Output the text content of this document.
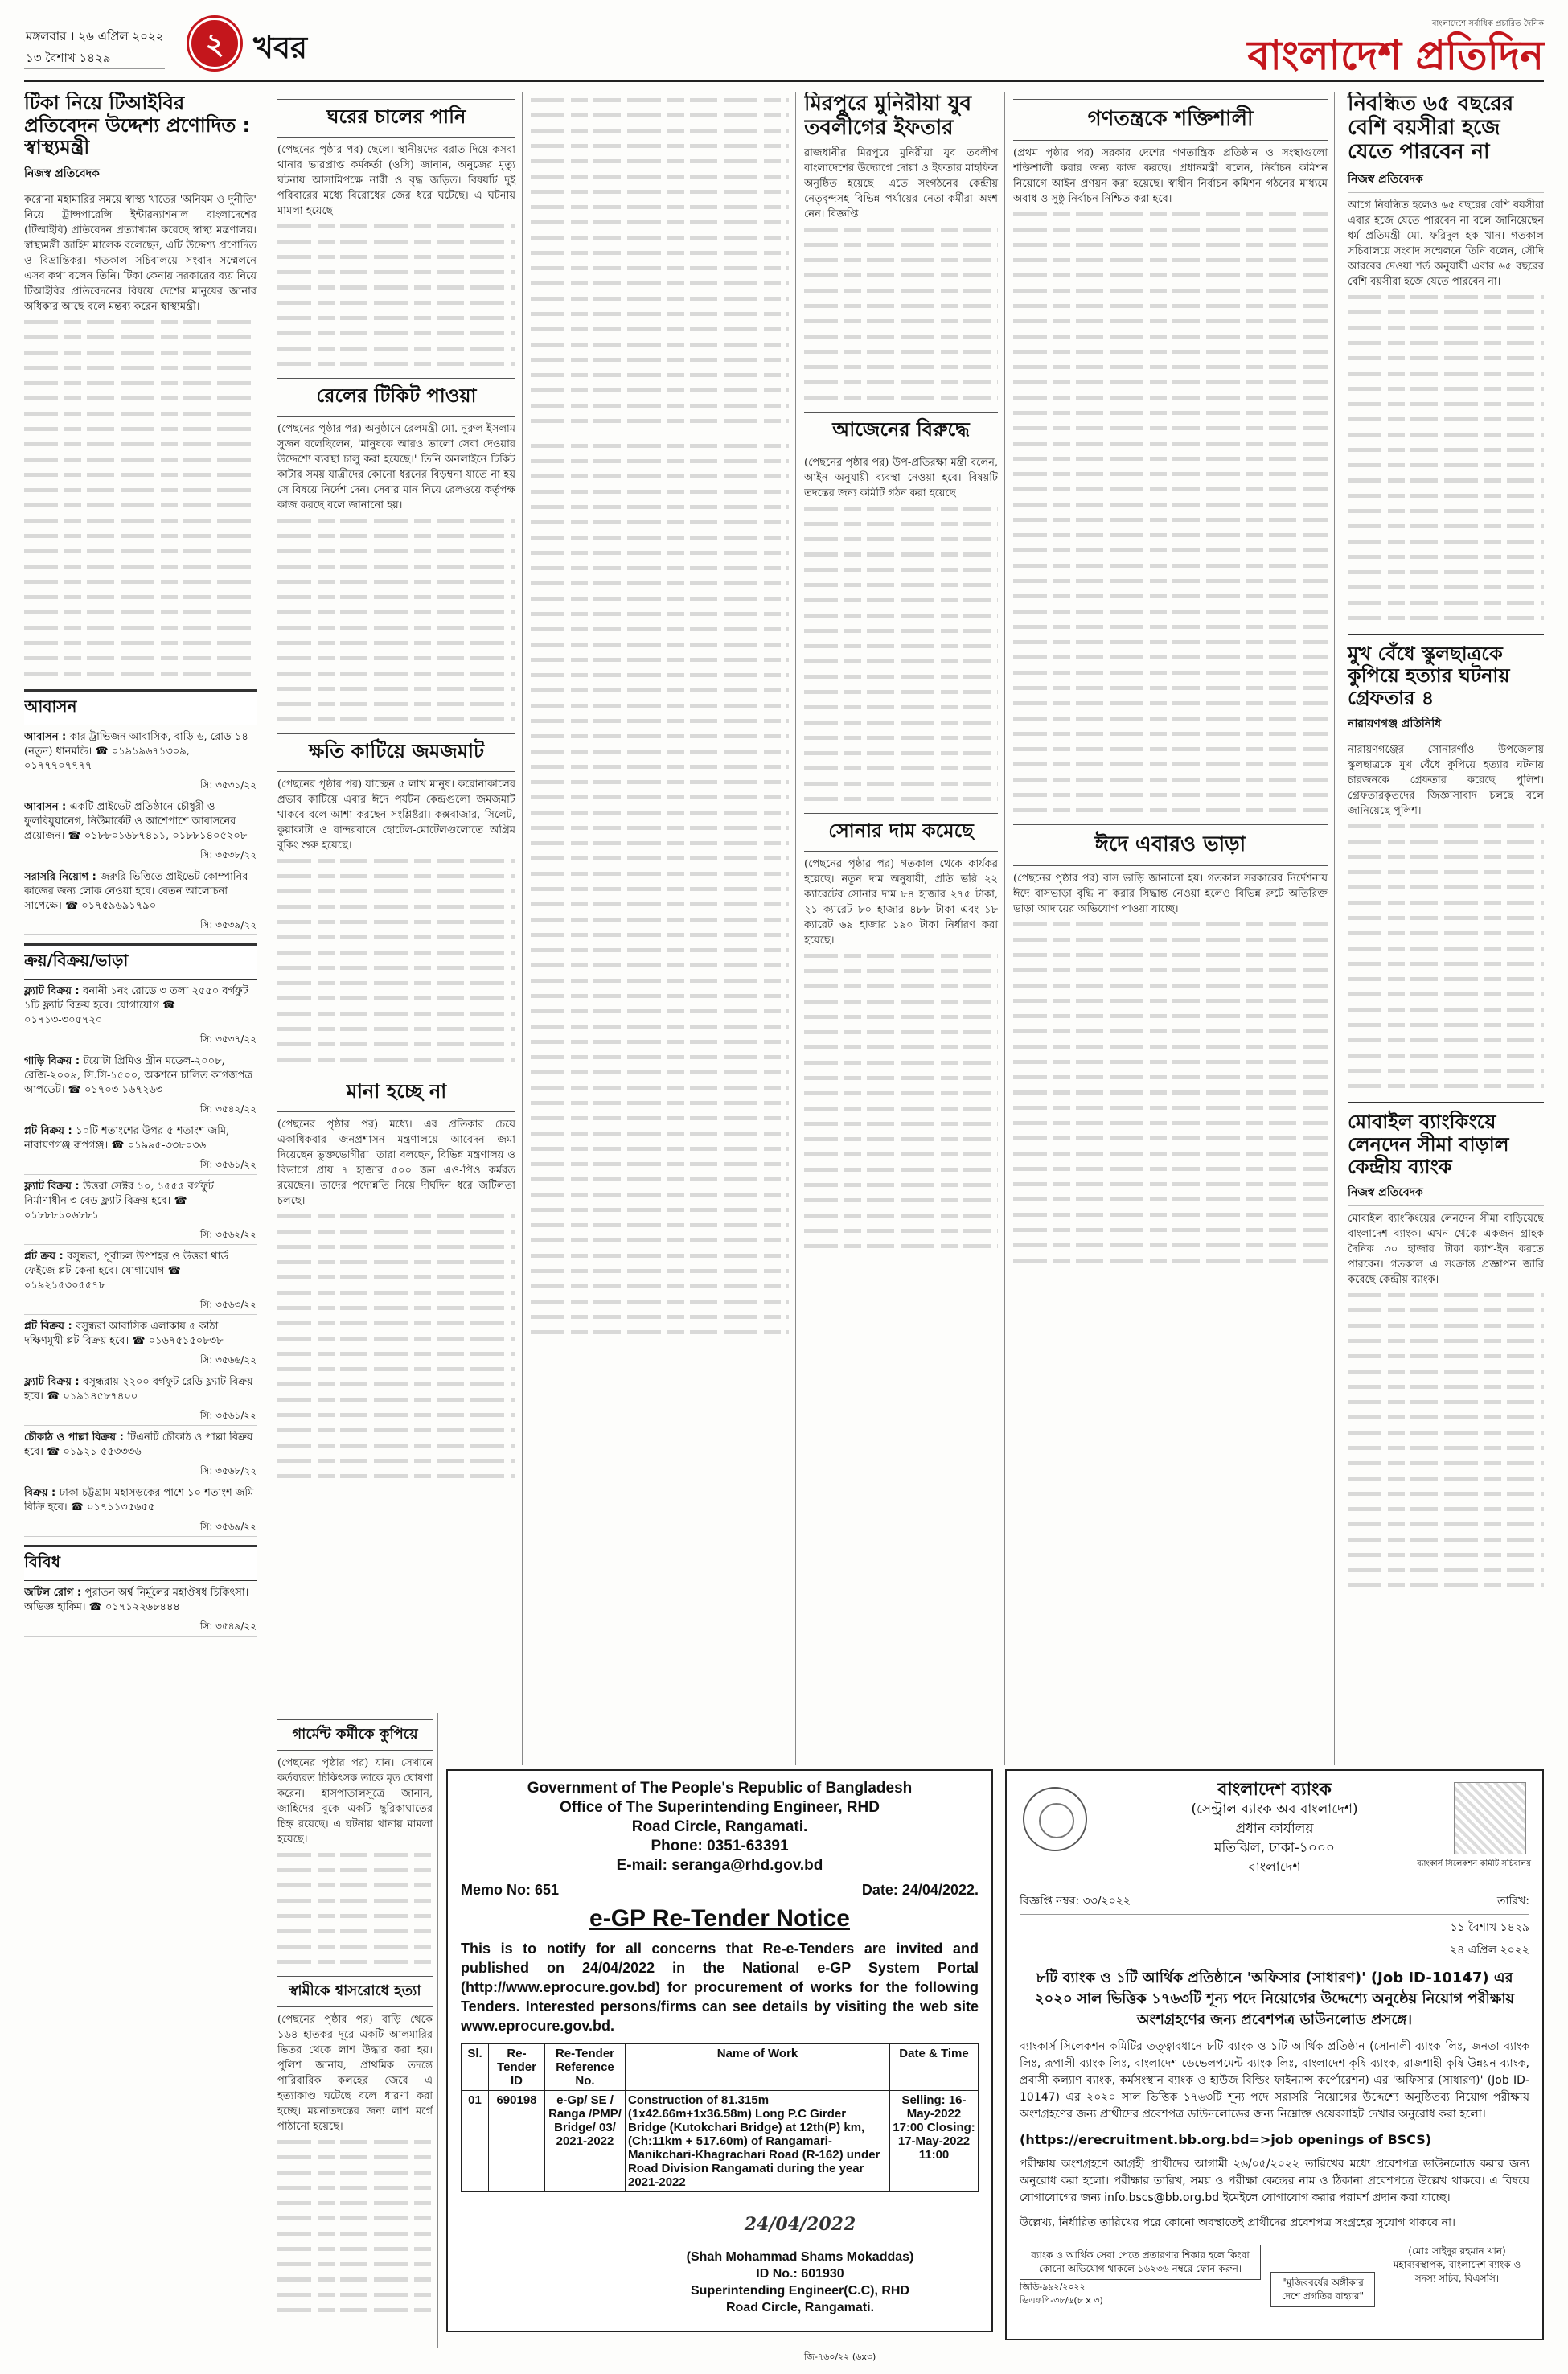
মঙ্গলবার । ২৬ এপ্রিল ২০২২
১৩ বৈশাখ ১৪২৯	২ খবর
বাংলাদেশে সর্বাধিক প্রচারিত দৈনিক
বাংলাদেশ প্রতিদিন
টিকা নিয়ে টিআইবির প্রতিবেদন উদ্দেশ্য প্রণোদিত : স্বাস্থ্যমন্ত্রী
নিজস্ব প্রতিবেদক

করোনা মহামারির সময়ে স্বাস্থ্য খাতের 'অনিয়ম ও দুর্নীতি' নিয়ে ট্রান্সপারেন্সি ইন্টারন্যাশনাল বাংলাদেশের (টিআইবি) প্রতিবেদন প্রত্যাখ্যান করেছে স্বাস্থ্য মন্ত্রণালয়। স্বাস্থ্যমন্ত্রী জাহিদ মালেক বলেছেন, এটি উদ্দেশ্য প্রণোদিত ও বিভ্রান্তিকর। গতকাল সচিবালয়ে সংবাদ সম্মেলনে এসব কথা বলেন তিনি। টিকা কেনায় সরকারের ব্যয় নিয়ে টিআইবির প্রতিবেদনের বিষয়ে দেশের মানুষের জানার অধিকার আছে বলে মন্তব্য করেন স্বাস্থ্যমন্ত্রী।

আবাসন
আবাসন : কার ট্রাভিজন আবাসিক, বাড়ি-৬, রোড-১৪ (নতুন) ধানমন্ডি। ☎ ০১৯১৯৬৭১৩০৯, ০১৭৭৭০৭৭৭৭
সি: ৩৫৩১/২২
আবাসন : একটি প্রাইভেট প্রতিষ্ঠানে চৌধুরী ও ফুলবিয়ুয়ানেগ, নিউমার্কেট ও আশেপাশে আবাসনের প্রয়োজন। ☎ ০১৮৮০১৬৮৭৪১১, ০১৮৮১৪০৫২০৮
সি: ৩৫৩৮/২২
সরাসরি নিয়োগ : জরুরি ভিত্তিতে প্রাইভেট কোম্পানির কাজের জন্য লোক নেওয়া হবে। বেতন আলোচনা সাপেক্ষে। ☎ ০১৭৫৯৬৯১৭৯০
সি: ৩৫৩৯/২২
ক্রয়/বিক্রয়/ভাড়া
ফ্ল্যাট বিক্রয় : বনানী ১নং রোডে ৩ তলা ২৫৫০ বর্গফুট ১টি ফ্ল্যাট বিক্রয় হবে। যোগাযোগ ☎ ০১৭১৩-৩০৫৭২০
সি: ৩৫৩৭/২২
গাড়ি বিক্রয় : টয়োটা প্রিমিও গ্রীন মডেল-২০০৮, রেজি-২০০৯, সি.সি-১৫০০, অকশনে চালিত কাগজপত্র আপডেট। ☎ ০১৭০৩-১৬৭২৬৩
সি: ৩৫৪২/২২
প্লট বিক্রয় : ১০টি শতাংশের উপর ৫ শতাংশ জমি, নারায়ণগঞ্জ রূপগঞ্জ। ☎ ০১৯৯৫-৩৩৮০৩৬
সি: ৩৫৬১/২২
ফ্ল্যাট বিক্রয় : উত্তরা সেক্টর ১০, ১৫৫৫ বর্গফুট নির্মাণাধীন ৩ বেড ফ্ল্যাট বিক্রয় হবে। ☎ ০১৮৮৮১০৬৮৮১
সি: ৩৫৬২/২২
প্লট ক্রয় : বসুন্ধরা, পূর্বাচল উপশহর ও উত্তরা থার্ড ফেইজে প্লট কেনা হবে। যোগাযোগ ☎ ০১৯২১৫৩০৫৫৭৮
সি: ৩৫৬৩/২২
প্লট বিক্রয় : বসুন্ধরা আবাসিক এলাকায় ৫ কাঠা দক্ষিণমুখী প্লট বিক্রয় হবে। ☎ ০১৬৭৫১৫০৮৩৮
সি: ৩৫৬৬/২২
ফ্ল্যাট বিক্রয় : বসুন্ধরায় ২২০০ বর্গফুট রেডি ফ্ল্যাট বিক্রয় হবে। ☎ ০১৯১৪৫৮৭৪০০
সি: ৩৫৬১/২২
চৌকাঠ ও পাল্লা বিক্রয় : টিএনটি চৌকাঠ ও পাল্লা বিক্রয় হবে। ☎ ০১৯২১-৫৫৩৩৩৬
সি: ৩৫৬৮/২২
বিক্রয় : ঢাকা-চট্টগ্রাম মহাসড়কের পাশে ১০ শতাংশ জমি বিক্রি হবে। ☎ ০১৭১১৩৫৬৫৫
সি: ৩৫৬৯/২২
বিবিধ
জটিল রোগ : পুরাতন অর্শ্ব নির্মূলের মহাঔষধ চিকিৎসা। অভিজ্ঞ হাকিম। ☎ ০১৭১২২৬৮৪৪৪
সি: ৩৫৪৯/২২
ঘরের চালের পানি

(পেছনের পৃষ্ঠার পর) ছেলে। স্থানীয়দের বরাত দিয়ে কসবা থানার ভারপ্রাপ্ত কর্মকর্তা (ওসি) জানান, অনুজের মৃত্যু ঘটনায় আসামিপক্ষে নারী ও বৃদ্ধ জড়িত। বিষয়টি দুই পরিবারের মধ্যে বিরোধের জের ধরে ঘটেছে। এ ঘটনায় মামলা হয়েছে।

রেলের টিকিট পাওয়া

(পেছনের পৃষ্ঠার পর) অনুষ্ঠানে রেলমন্ত্রী মো. নুরুল ইসলাম সুজন বলেছিলেন, 'মানুষকে আরও ভালো সেবা দেওয়ার উদ্দেশ্যে ব্যবস্থা চালু করা হয়েছে।' তিনি অনলাইনে টিকিট কাটার সময় যাত্রীদের কোনো ধরনের বিড়ম্বনা যাতে না হয় সে বিষয়ে নির্দেশ দেন। সেবার মান নিয়ে রেলওয়ে কর্তৃপক্ষ কাজ করছে বলে জানানো হয়।

ক্ষতি কাটিয়ে জমজমাট

(পেছনের পৃষ্ঠার পর) যাচ্ছেন ৫ লাখ মানুষ। করোনাকালের প্রভাব কাটিয়ে এবার ঈদে পর্যটন কেন্দ্রগুলো জমজমাট থাকবে বলে আশা করছেন সংশ্লিষ্টরা। কক্সবাজার, সিলেট, কুয়াকাটা ও বান্দরবানে হোটেল-মোটেলগুলোতে অগ্রিম বুকিং শুরু হয়েছে।

মানা হচ্ছে না

(পেছনের পৃষ্ঠার পর) মধ্যে। এর প্রতিকার চেয়ে একাধিকবার জনপ্রশাসন মন্ত্রণালয়ে আবেদন জমা দিয়েছেন ভুক্তভোগীরা। তারা বলছেন, বিভিন্ন মন্ত্রণালয় ও বিভাগে প্রায় ৭ হাজার ৫০০ জন এও-পিও কর্মরত রয়েছেন। তাদের পদোন্নতি নিয়ে দীর্ঘদিন ধরে জটিলতা চলছে।

গার্মেন্ট কর্মীকে কুপিয়ে

(পেছনের পৃষ্ঠার পর) যান। সেখানে কর্তব্যরত চিকিৎসক তাকে মৃত ঘোষণা করেন। হাসপাতালসূত্রে জানান, জাহিদের বুকে একটি ছুরিকাঘাতের চিহ্ন রয়েছে। এ ঘটনায় থানায় মামলা হয়েছে।

স্বামীকে শ্বাসরোধে হত্যা

(পেছনের পৃষ্ঠার পর) বাড়ি থেকে ১৬৪ হাতকর দূরে একটি আলমারির ভিতর থেকে লাশ উদ্ধার করা হয়। পুলিশ জানায়, প্রাথমিক তদন্তে পারিবারিক কলহের জেরে এ হত্যাকাণ্ড ঘটেছে বলে ধারণা করা হচ্ছে। ময়নাতদন্তের জন্য লাশ মর্গে পাঠানো হয়েছে।

মিরপুরে মুনিরীয়া যুব তবলীগের ইফতার

রাজধানীর মিরপুরে মুনিরীয়া যুব তবলীগ বাংলাদেশের উদ্যোগে দোয়া ও ইফতার মাহফিল অনুষ্ঠিত হয়েছে। এতে সংগঠনের কেন্দ্রীয় নেতৃবৃন্দসহ বিভিন্ন পর্যায়ের নেতা-কর্মীরা অংশ নেন। বিজ্ঞপ্তি

আজেনের বিরুদ্ধে

(পেছনের পৃষ্ঠার পর) উপ-প্রতিরক্ষা মন্ত্রী বলেন, আইন অনুযায়ী ব্যবস্থা নেওয়া হবে। বিষয়টি তদন্তের জন্য কমিটি গঠন করা হয়েছে।

সোনার দাম কমেছে

(পেছনের পৃষ্ঠার পর) গতকাল থেকে কার্যকর হয়েছে। নতুন দাম অনুযায়ী, প্রতি ভরি ২২ ক্যারেটের সোনার দাম ৮৪ হাজার ২৭৫ টাকা, ২১ ক্যারেট ৮০ হাজার ৪৮৮ টাকা এবং ১৮ ক্যারেট ৬৯ হাজার ১৯০ টাকা নির্ধারণ করা হয়েছে।

গণতন্ত্রকে শক্তিশালী

(প্রথম পৃষ্ঠার পর) সরকার দেশের গণতান্ত্রিক প্রতিষ্ঠান ও সংস্থাগুলো শক্তিশালী করার জন্য কাজ করছে। প্রধানমন্ত্রী বলেন, নির্বাচন কমিশন নিয়োগে আইন প্রণয়ন করা হয়েছে। স্বাধীন নির্বাচন কমিশন গঠনের মাধ্যমে অবাধ ও সুষ্ঠু নির্বাচন নিশ্চিত করা হবে।

ঈদে এবারও ভাড়া

(পেছনের পৃষ্ঠার পর) বাস ভাড়ি জানানো হয়। গতকাল সরকারের নির্দেশনায় ঈদে বাসভাড়া বৃদ্ধি না করার সিদ্ধান্ত নেওয়া হলেও বিভিন্ন রুটে অতিরিক্ত ভাড়া আদায়ের অভিযোগ পাওয়া যাচ্ছে।

নিবন্ধিত ৬৫ বছরের বেশি বয়সীরা হজে যেতে পারবেন না
নিজস্ব প্রতিবেদক

আগে নিবন্ধিত হলেও ৬৫ বছরের বেশি বয়সীরা এবার হজে যেতে পারবেন না বলে জানিয়েছেন ধর্ম প্রতিমন্ত্রী মো. ফরিদুল হক খান। গতকাল সচিবালয়ে সংবাদ সম্মেলনে তিনি বলেন, সৌদি আরবের দেওয়া শর্ত অনুযায়ী এবার ৬৫ বছরের বেশি বয়সীরা হজে যেতে পারবেন না।

মুখ বেঁধে স্কুলছাত্রকে কুপিয়ে হত্যার ঘটনায় গ্রেফতার ৪
নারায়ণগঞ্জ প্রতিনিধি

নারায়ণগঞ্জের সোনারগাঁও উপজেলায় স্কুলছাত্রকে মুখ বেঁধে কুপিয়ে হত্যার ঘটনায় চারজনকে গ্রেফতার করেছে পুলিশ। গ্রেফতারকৃতদের জিজ্ঞাসাবাদ চলছে বলে জানিয়েছে পুলিশ।

মোবাইল ব্যাংকিংয়ে লেনদেন সীমা বাড়াল কেন্দ্রীয় ব্যাংক
নিজস্ব প্রতিবেদক

মোবাইল ব্যাংকিংয়ের লেনদেন সীমা বাড়িয়েছে বাংলাদেশ ব্যাংক। এখন থেকে একজন গ্রাহক দৈনিক ৩০ হাজার টাকা ক্যাশ-ইন করতে পারবেন। গতকাল এ সংক্রান্ত প্রজ্ঞাপন জারি করেছে কেন্দ্রীয় ব্যাংক।

Government of The People's Republic of Bangladesh
Office of The Superintending Engineer, RHD
Road Circle, Rangamati.
Phone: 0351-63391
E-mail: seranga@rhd.gov.bd
Memo No: 651	Date: 24/04/2022.
e-GP Re-Tender Notice

This is to notify for all concerns that Re-e-Tenders are invited and published on 24/04/2022 in the National e-GP System Portal (http://www.eprocure.gov.bd) for procurement of works for the following Tenders. Interested persons/firms can see details by visiting the web site www.eprocure.gov.bd.

Sl.	Re-Tender ID	Re-Tender Reference No.	Name of Work	Date & Time
01	690198	e-Gp/ SE / Ranga /PMP/ Bridge/ 03/ 2021-2022	Construction of 81.315m (1x42.66m+1x36.58m) Long P.C Girder Bridge (Kutokchari Bridge) at 12th(P) km, (Ch:11km + 517.60m) of Rangamari-Manikchari-Khagrachari Road (R-162) under Road Division Rangamati during the year 2021-2022	Selling: 16-May-2022 17:00 Closing: 17-May-2022 11:00
24/04/2022
(Shah Mohammad Shams Mokaddas)
ID No.: 601930
Superintending Engineer(C.C), RHD
Road Circle, Rangamati.
জি-৭৬০/২২ (৬x৩)
ব্যাংকার্স সিলেকশন কমিটি সচিবালয়
বাংলাদেশ ব্যাংক
(সেন্ট্রাল ব্যাংক অব বাংলাদেশ)
প্রধান কার্যালয়
মতিঝিল, ঢাকা-১০০০
বাংলাদেশ
বিজ্ঞপ্তি নম্বর: ৩৩/২০২২	তারিখ:
১১ বৈশাখ ১৪২৯
২৪ এপ্রিল ২০২২
৮টি ব্যাংক ও ১টি আর্থিক প্রতিষ্ঠানে 'অফিসার (সাধারণ)' (Job ID-10147) এর ২০২০ সাল ভিত্তিক ১৭৬৩টি শূন্য পদে নিয়োগের উদ্দেশ্যে অনুষ্ঠেয় নিয়োগ পরীক্ষায় অংশগ্রহণের জন্য প্রবেশপত্র ডাউনলোড প্রসঙ্গে।

ব্যাংকার্স সিলেকশন কমিটির তত্ত্বাবধানে ৮টি ব্যাংক ও ১টি আর্থিক প্রতিষ্ঠান (সোনালী ব্যাংক লিঃ, জনতা ব্যাংক লিঃ, রূপালী ব্যাংক লিঃ, বাংলাদেশ ডেভেলপমেন্ট ব্যাংক লিঃ, বাংলাদেশ কৃষি ব্যাংক, রাজশাহী কৃষি উন্নয়ন ব্যাংক, প্রবাসী কল্যাণ ব্যাংক, কর্মসংস্থান ব্যাংক ও হাউজ বিল্ডিং ফাইন্যান্স কর্পোরেশন) এর 'অফিসার (সাধারণ)' (Job ID-10147) এর ২০২০ সাল ভিত্তিক ১৭৬৩টি শূন্য পদে সরাসরি নিয়োগের উদ্দেশ্যে অনুষ্ঠিতব্য নিয়োগ পরীক্ষায় অংশগ্রহণের জন্য প্রার্থীদের প্রবেশপত্র ডাউনলোডের জন্য নিম্নোক্ত ওয়েবসাইট দেখার অনুরোধ করা হলো।

(https://erecruitment.bb.org.bd=>job openings of BSCS)

পরীক্ষায় অংশগ্রহণে আগ্রহী প্রার্থীদের আগামী ২৬/০৫/২০২২ তারিখের মধ্যে প্রবেশপত্র ডাউনলোড করার জন্য অনুরোধ করা হলো। পরীক্ষার তারিখ, সময় ও পরীক্ষা কেন্দ্রের নাম ও ঠিকানা প্রবেশপত্রে উল্লেখ থাকবে। এ বিষয়ে যোগাযোগের জন্য info.bscs@bb.org.bd ইমেইলে যোগাযোগ করার পরামর্শ প্রদান করা যাচ্ছে।

উল্লেখ্য, নির্ধারিত তারিখের পরে কোনো অবস্থাতেই প্রার্থীদের প্রবেশপত্র সংগ্রহের সুযোগ থাকবে না।

ব্যাংক ও আর্থিক সেবা পেতে প্রতারণার শিকার হলে কিংবা কোনো অভিযোগ থাকলে ১৬২৩৬ নম্বরে ফোন করুন।
জিডি-৯৯২/২০২২
ডিএফপি-৩৮/৬(৮ x ৩)
"মুজিববর্ষের অঙ্গীকার দেশে প্রগতির বাহ্যার"
(মোঃ সাইদুর রহমান খান)
মহাব্যবস্থাপক, বাংলাদেশ ব্যাংক ও সদস্য সচিব, বিএসসি।
